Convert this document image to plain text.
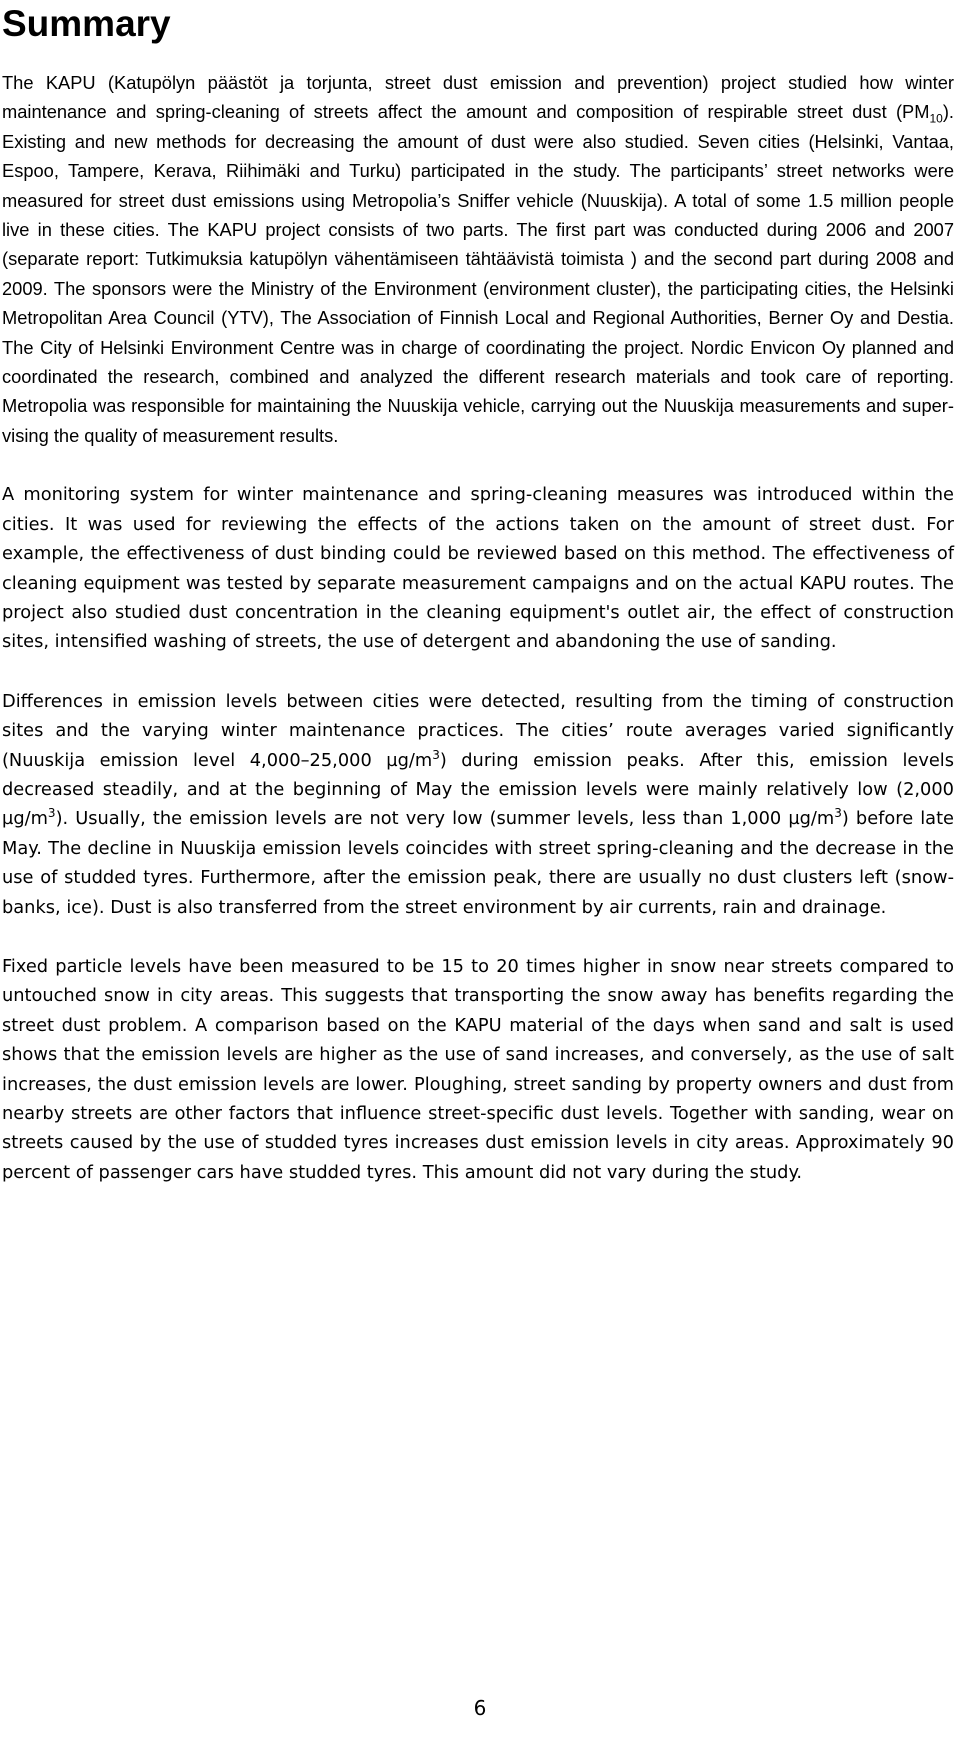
Summary

The KAPU (Katupölyn päästöt ja torjunta, street dust emission and prevention) project studied how winter maintenance and spring-cleaning of streets affect the amount and composition of respirable street dust $(PM_{10})$. Existing and new methods for decreasing the amount of dust were also studied. Seven cities (Helsinki, Vantaa, Espoo, Tampere, Kerava, Riihimäki and Turku) participated in the study. The participants’ street networks were measured for street dust emissions using Metropolia’s Sniffer vehicle (Nuuskija). A total of some 1.5 million people live in these cities. The KAPU project consists of two parts. The first part was conducted during 2006 and 2007 (separate report: Tutkimuksia katupölyn vähentämiseen tähtäävistä toimista ) and the second part during 2008 and 2009. The sponsors were the Ministry of the Environment (environment cluster), the participating cities, the Helsinki Metropolitan Area Council (YTV), The Association of Finnish Local and Regional Authorities, Berner Oy and Destia. The City of Helsinki Environment Centre was in charge of coordinating the project. Nordic Envicon Oy planned and coordinated the research, combined and analyzed the different research materials and took care of reporting. Metropolia was responsible for maintaining the Nuuskija vehicle, carrying out the Nuuskija measurements and supervising the quality of measurement results.

A monitoring system for winter maintenance and spring-cleaning measures was introduced within the cities. It was used for reviewing the effects of the actions taken on the amount of street dust. For example, the effectiveness of dust binding could be reviewed based on this method. The effectiveness of cleaning equipment was tested by separate measurement campaigns and on the actual KAPU routes. The project also studied dust concentration in the cleaning equipment's outlet air, the effect of construction sites, intensified washing of streets, the use of detergent and abandoning the use of sanding.

Differences in emission levels between cities were detected, resulting from the timing of construction sites and the varying winter maintenance practices. The cities’ route averages varied significantly (Nuuskija emission level 4,000–25,000 $\mu g/m^3$) during emission peaks. After this, emission levels decreased steadily, and at the beginning of May the emission levels were mainly relatively low (2,000 $\mu g/m^3$). Usually, the emission levels are not very low (summer levels, less than 1,000 $\mu g/m^3$) before late May. The decline in Nuuskija emission levels coincides with street spring-cleaning and the decrease in the use of studded tyres. Furthermore, after the emission peak, there are usually no dust clusters left (snowbanks, ice). Dust is also transferred from the street environment by air currents, rain and drainage.

Fixed particle levels have been measured to be 15 to 20 times higher in snow near streets compared to untouched snow in city areas. This suggests that transporting the snow away has benefits regarding the street dust problem. A comparison based on the KAPU material of the days when sand and salt is used shows that the emission levels are higher as the use of sand increases, and conversely, as the use of salt increases, the dust emission levels are lower. Ploughing, street sanding by property owners and dust from nearby streets are other factors that influence street-specific dust levels. Together with sanding, wear on streets caused by the use of studded tyres increases dust emission levels in city areas. Approximately 90 percent of passenger cars have studded tyres. This amount did not vary during the study.

6
